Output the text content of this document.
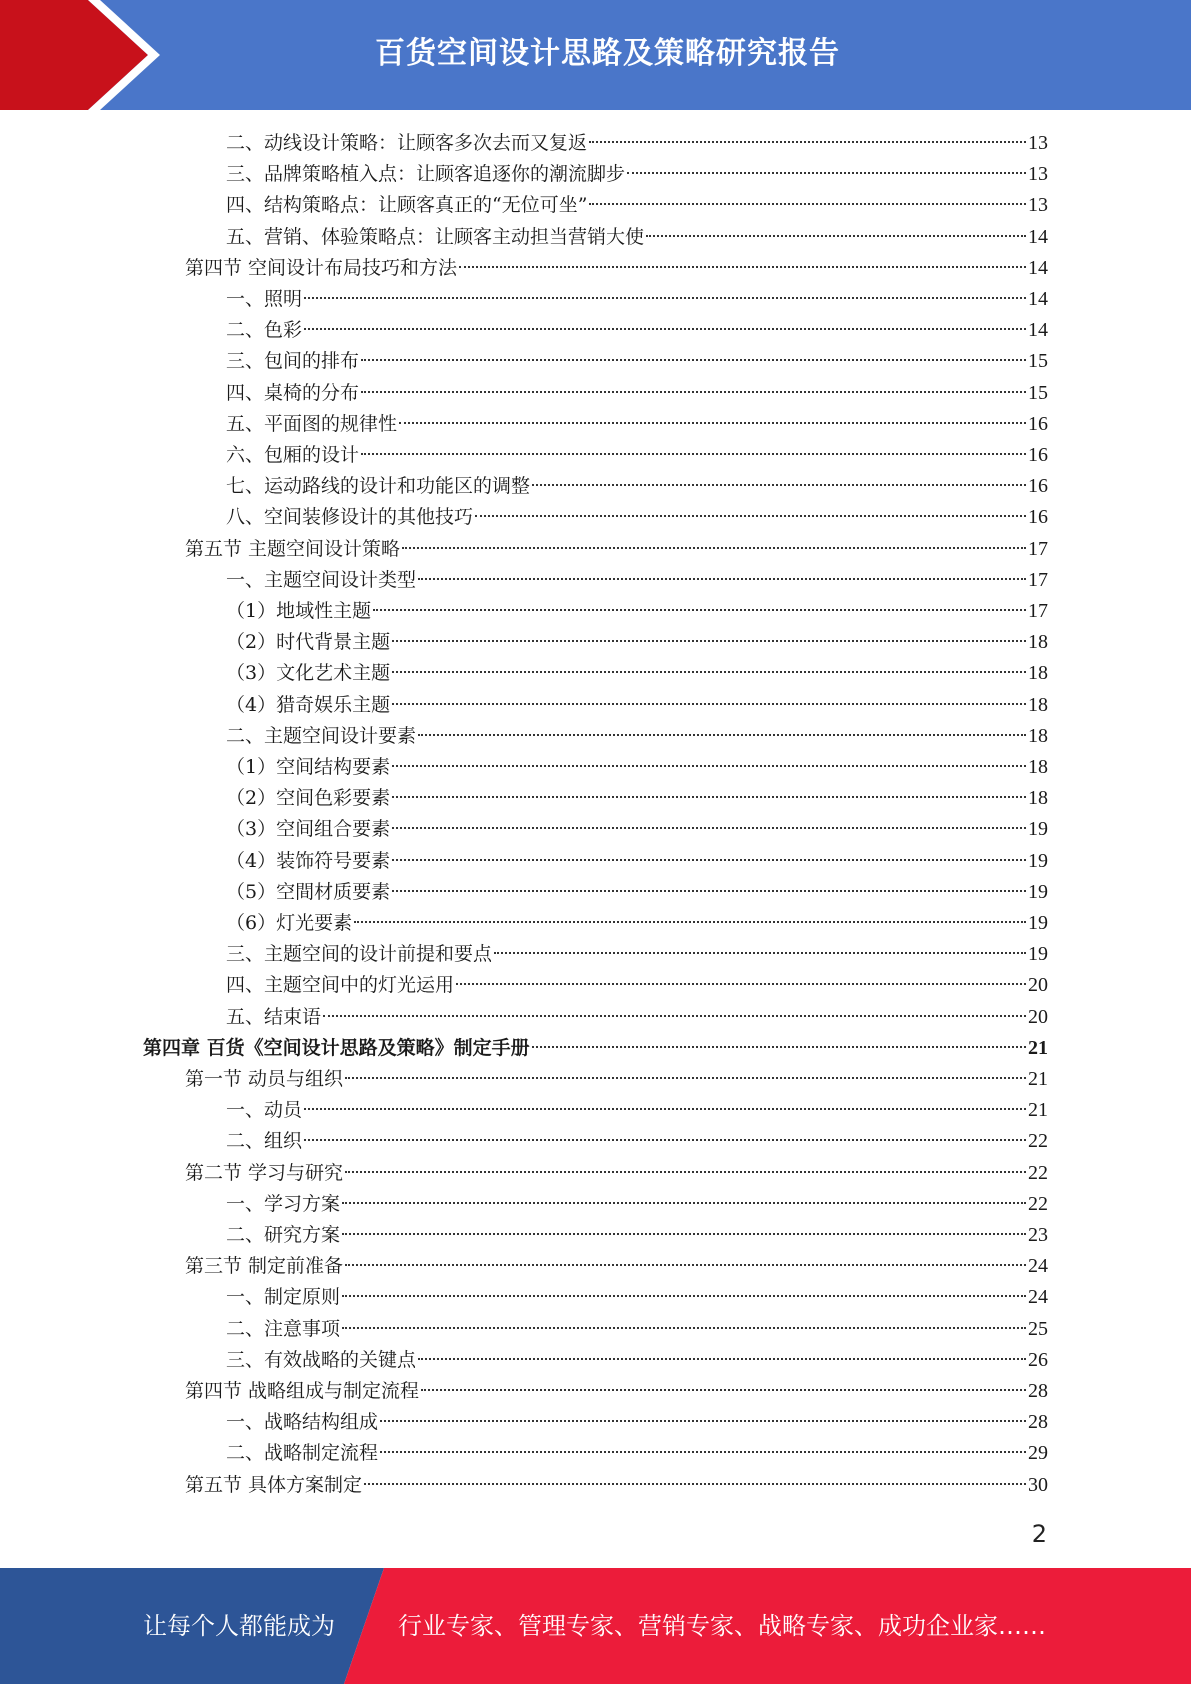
百货空间设计思路及策略研究报告
二、动线设计策略：让顾客多次去而又复返	13
三、品牌策略植入点：让顾客追逐你的潮流脚步	13
四、结构策略点：让顾客真正的“无位可坐”	13
五、营销、体验策略点：让顾客主动担当营销大使	14
第四节 空间设计布局技巧和方法	14
一、照明	14
二、色彩	14
三、包间的排布	15
四、桌椅的分布	15
五、平面图的规律性	16
六、包厢的设计	16
七、运动路线的设计和功能区的调整	16
八、空间装修设计的其他技巧	16
第五节 主题空间设计策略	17
一、主题空间设计类型	17
（1）地域性主题	17
（2）时代背景主题	18
（3）文化艺术主题	18
（4）猎奇娱乐主题	18
二、主题空间设计要素	18
（1）空间结构要素	18
（2）空间色彩要素	18
（3）空间组合要素	19
（4）装饰符号要素	19
（5）空間材质要素	19
（6）灯光要素	19
三、主题空间的设计前提和要点	19
四、主题空间中的灯光运用	20
五、结束语	20
第四章 百货《空间设计思路及策略》制定手册	21
第一节 动员与组织	21
一、动员	21
二、组织	22
第二节 学习与研究	22
一、学习方案	22
二、研究方案	23
第三节 制定前准备	24
一、制定原则	24
二、注意事项	25
三、有效战略的关键点	26
第四节 战略组成与制定流程	28
一、战略结构组成	28
二、战略制定流程	29
第五节 具体方案制定	30
2
让每个人都能成为	行业专家、管理专家、营销专家、战略专家、成功企业家……
